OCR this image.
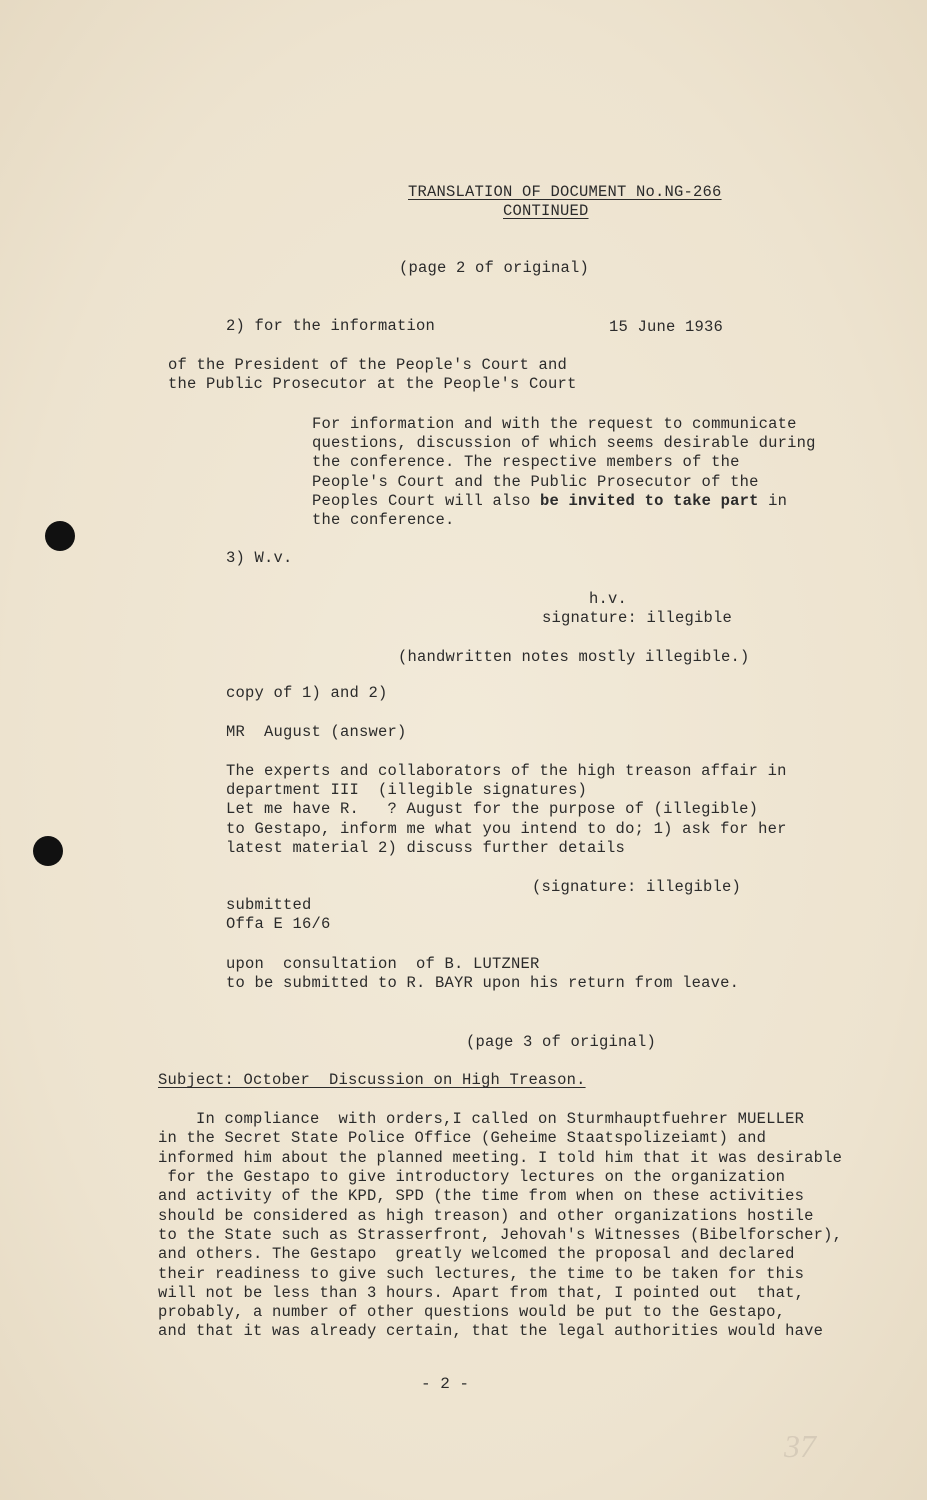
TRANSLATION OF DOCUMENT No.NG-266
CONTINUED
(page 2 of original)
2) for the information	15 June 1936
of the President of the People's Court and
the Public Prosecutor at the People's Court
For information and with the request to communicate
questions, discussion of which seems desirable during
the conference. The respective members of the
People's Court and the Public Prosecutor of the
Peoples Court will also be invited to take part in
the conference.
3) W.v.
h.v.
signature: illegible
(handwritten notes mostly illegible.)
copy of 1) and 2)
MR  August (answer)
The experts and collaborators of the high treason affair in
department III  (illegible signatures)
Let me have R.   ? August for the purpose of (illegible)
to Gestapo, inform me what you intend to do; 1) ask for her
latest material 2) discuss further details
(signature: illegible)
submitted
Offa E 16/6
upon  consultation  of B. LUTZNER
to be submitted to R. BAYR upon his return from leave.
(page 3 of original)
Subject: October  Discussion on High Treason.
In compliance  with orders,I called on Sturmhauptfuehrer MUELLER
in the Secret State Police Office (Geheime Staatspolizeiamt) and
informed him about the planned meeting. I told him that it was desirable
for the Gestapo to give introductory lectures on the organization
and activity of the KPD, SPD (the time from when on these activities
should be considered as high treason) and other organizations hostile
to the State such as Strasserfront, Jehovah's Witnesses (Bibelforscher),
and others. The Gestapo  greatly welcomed the proposal and declared
their readiness to give such lectures, the time to be taken for this
will not be less than 3 hours. Apart from that, I pointed out  that,
probably, a number of other questions would be put to the Gestapo,
and that it was already certain, that the legal authorities would have
- 2 -
37
